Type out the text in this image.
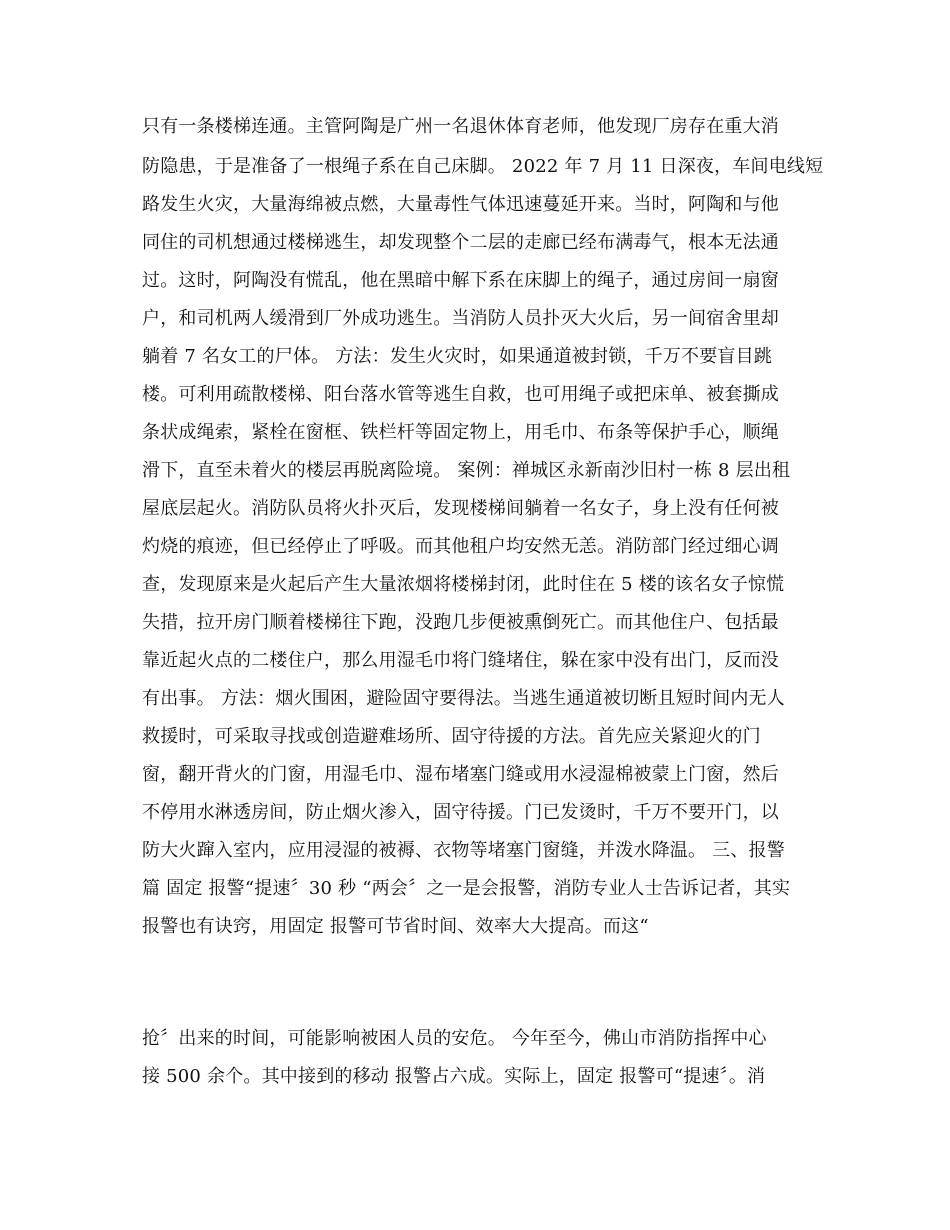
只有一条楼梯连通。主管阿陶是广州一名退休体育老师，他发现厂房存在重大消
防隐患，于是准备了一根绳子系在自己床脚。 2022 年 7 月 11 日深夜，车间电线短
路发生火灾，大量海绵被点燃，大量毒性气体迅速蔓延开来。当时，阿陶和与他
同住的司机想通过楼梯逃生，却发现整个二层的走廊已经布满毒气，根本无法通
过。这时，阿陶没有慌乱，他在黑暗中解下系在床脚上的绳子，通过房间一扇窗
户，和司机两人缓滑到厂外成功逃生。当消防人员扑灭大火后，另一间宿舍里却
躺着 7 名女工的尸体。 方法：发生火灾时，如果通道被封锁，千万不要盲目跳
楼。可利用疏散楼梯、阳台落水管等逃生自救，也可用绳子或把床单、被套撕成
条状成绳索，紧栓在窗框、铁栏杆等固定物上，用毛巾、布条等保护手心，顺绳
滑下，直至未着火的楼层再脱离险境。 案例：禅城区永新南沙旧村一栋 8 层出租
屋底层起火。消防队员将火扑灭后，发现楼梯间躺着一名女子，身上没有任何被
灼烧的痕迹，但已经停止了呼吸。而其他租户均安然无恙。消防部门经过细心调
查，发现原来是火起后产生大量浓烟将楼梯封闭，此时住在 5 楼的该名女子惊慌
失措，拉开房门顺着楼梯往下跑，没跑几步便被熏倒死亡。而其他住户、包括最
靠近起火点的二楼住户，那么用湿毛巾将门缝堵住，躲在家中没有出门，反而没
有出事。 方法：烟火围困，避险固守要得法。当逃生通道被切断且短时间内无人
救援时，可采取寻找或创造避难场所、固守待援的方法。首先应关紧迎火的门
窗，翻开背火的门窗，用湿毛巾、湿布堵塞门缝或用水浸湿棉被蒙上门窗，然后
不停用水淋透房间，防止烟火渗入，固守待援。门已发烫时，千万不要开门，以
防大火蹿入室内，应用浸湿的被褥、衣物等堵塞门窗缝，并泼水降温。 三、报警
篇 固定 报警“提速〞30 秒 “两会〞之一是会报警，消防专业人士告诉记者，其实
报警也有诀窍，用固定 报警可节省时间、效率大大提高。而这“
抢〞出来的时间，可能影响被困人员的安危。 今年至今，佛山市消防指挥中心
接 500 余个。其中接到的移动 报警占六成。实际上，固定 报警可“提速〞。消
